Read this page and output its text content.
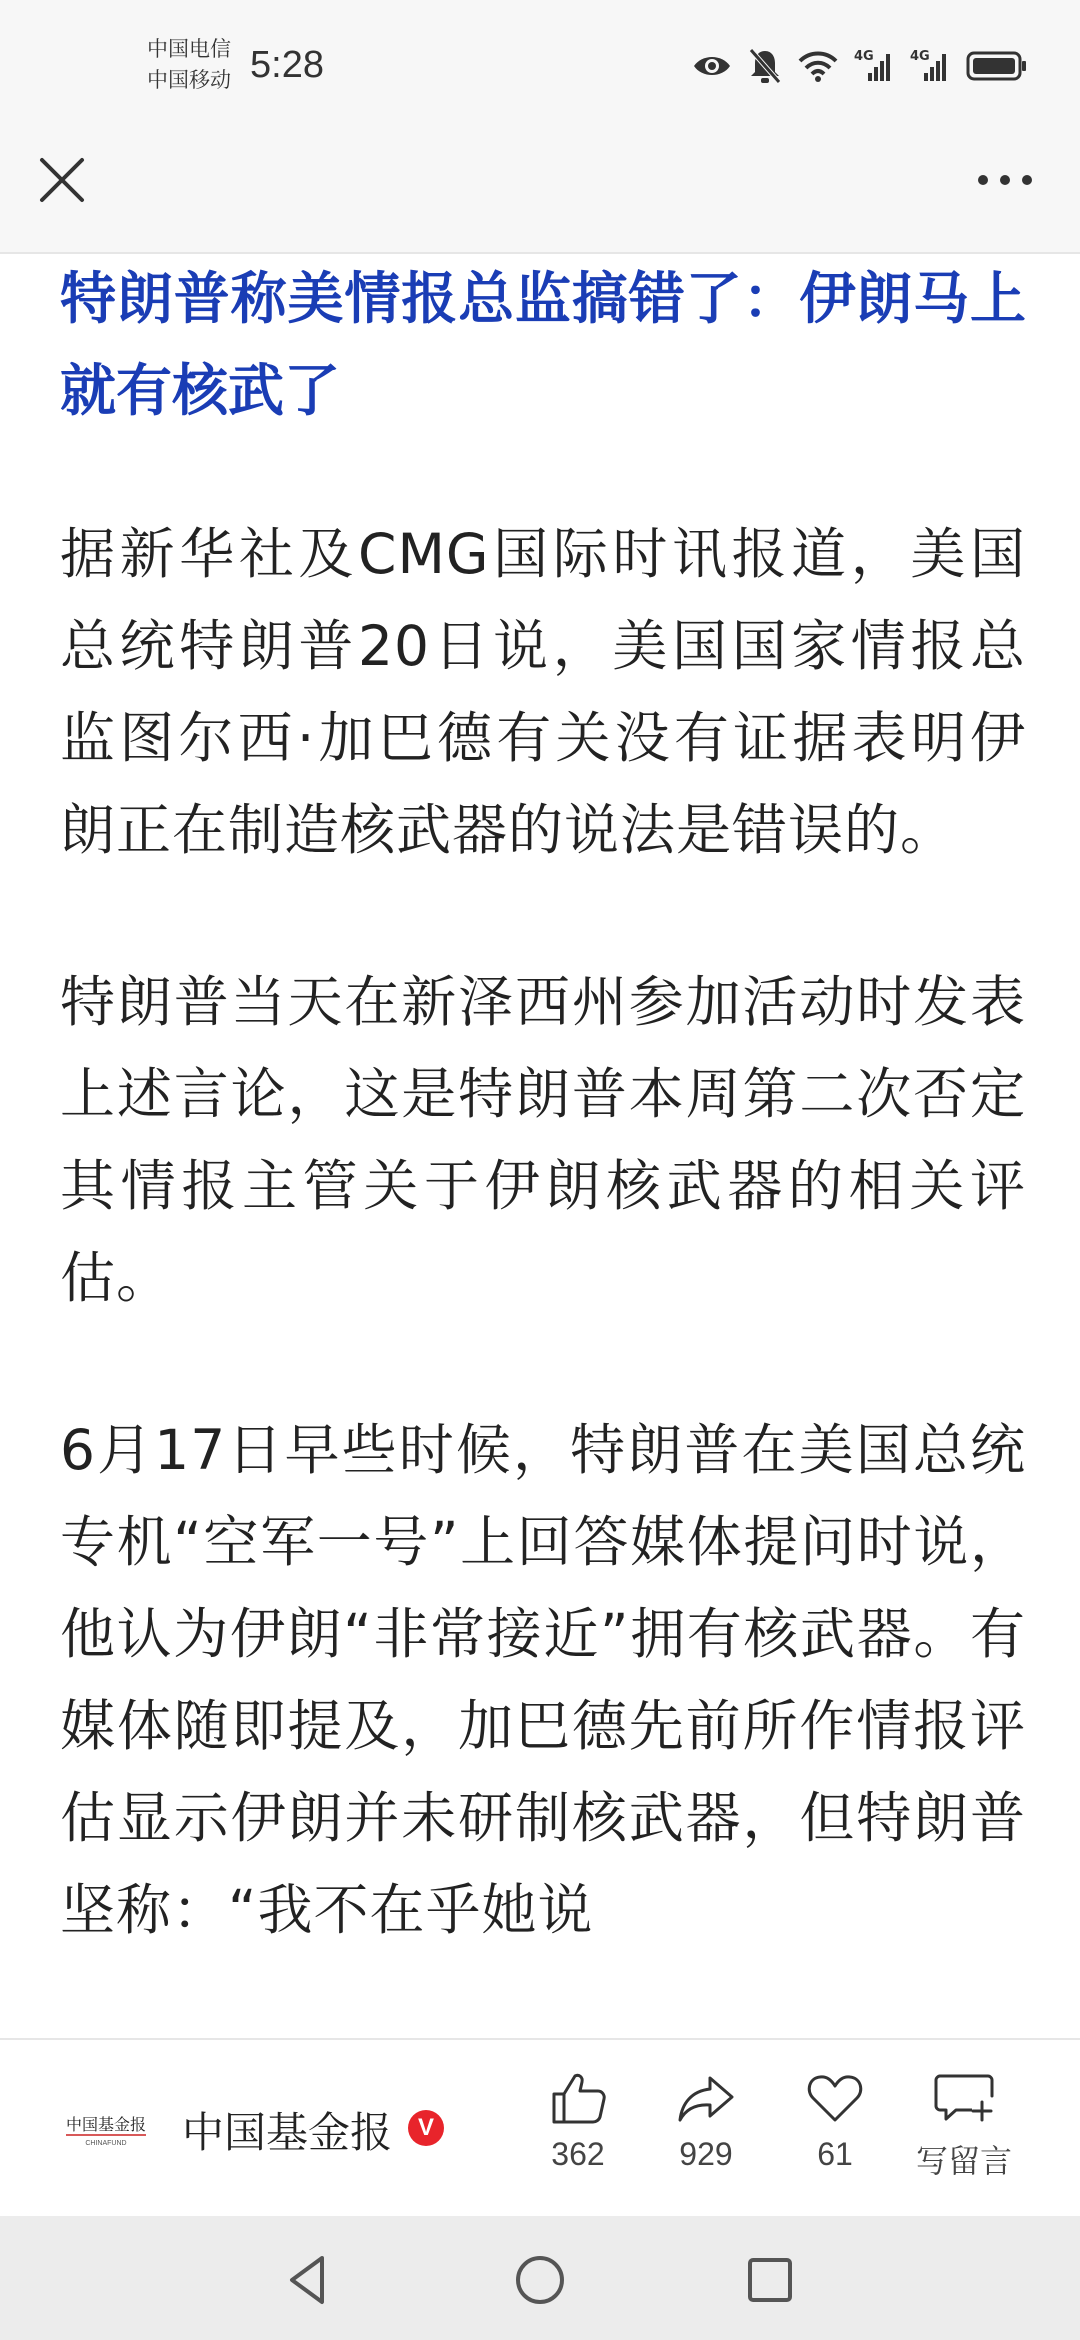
中国电信
中国移动 5:28	4G	4G
特朗普称美情报总监搞错了：伊朗马上就有核武了

据新华社及CMG国际时讯报道，美国总统特朗普20日说，美国国家情报总监图尔西·加巴德有关没有证据表明伊朗正在制造核武器的说法是错误的。

特朗普当天在新泽西州参加活动时发表上述言论，这是特朗普本周第二次否定其情报主管关于伊朗核武器的相关评估。

6月17日早些时候，特朗普在美国总统专机“空军一号”上回答媒体提问时说，他认为伊朗“非常接近”拥有核武器。有媒体随即提及，加巴德先前所作情报评估显示伊朗并未研制核武器，但特朗普坚称：“我不在乎她说

中国基金报
CHINAFUND 中国基金报	V
362	929	61	写留言
